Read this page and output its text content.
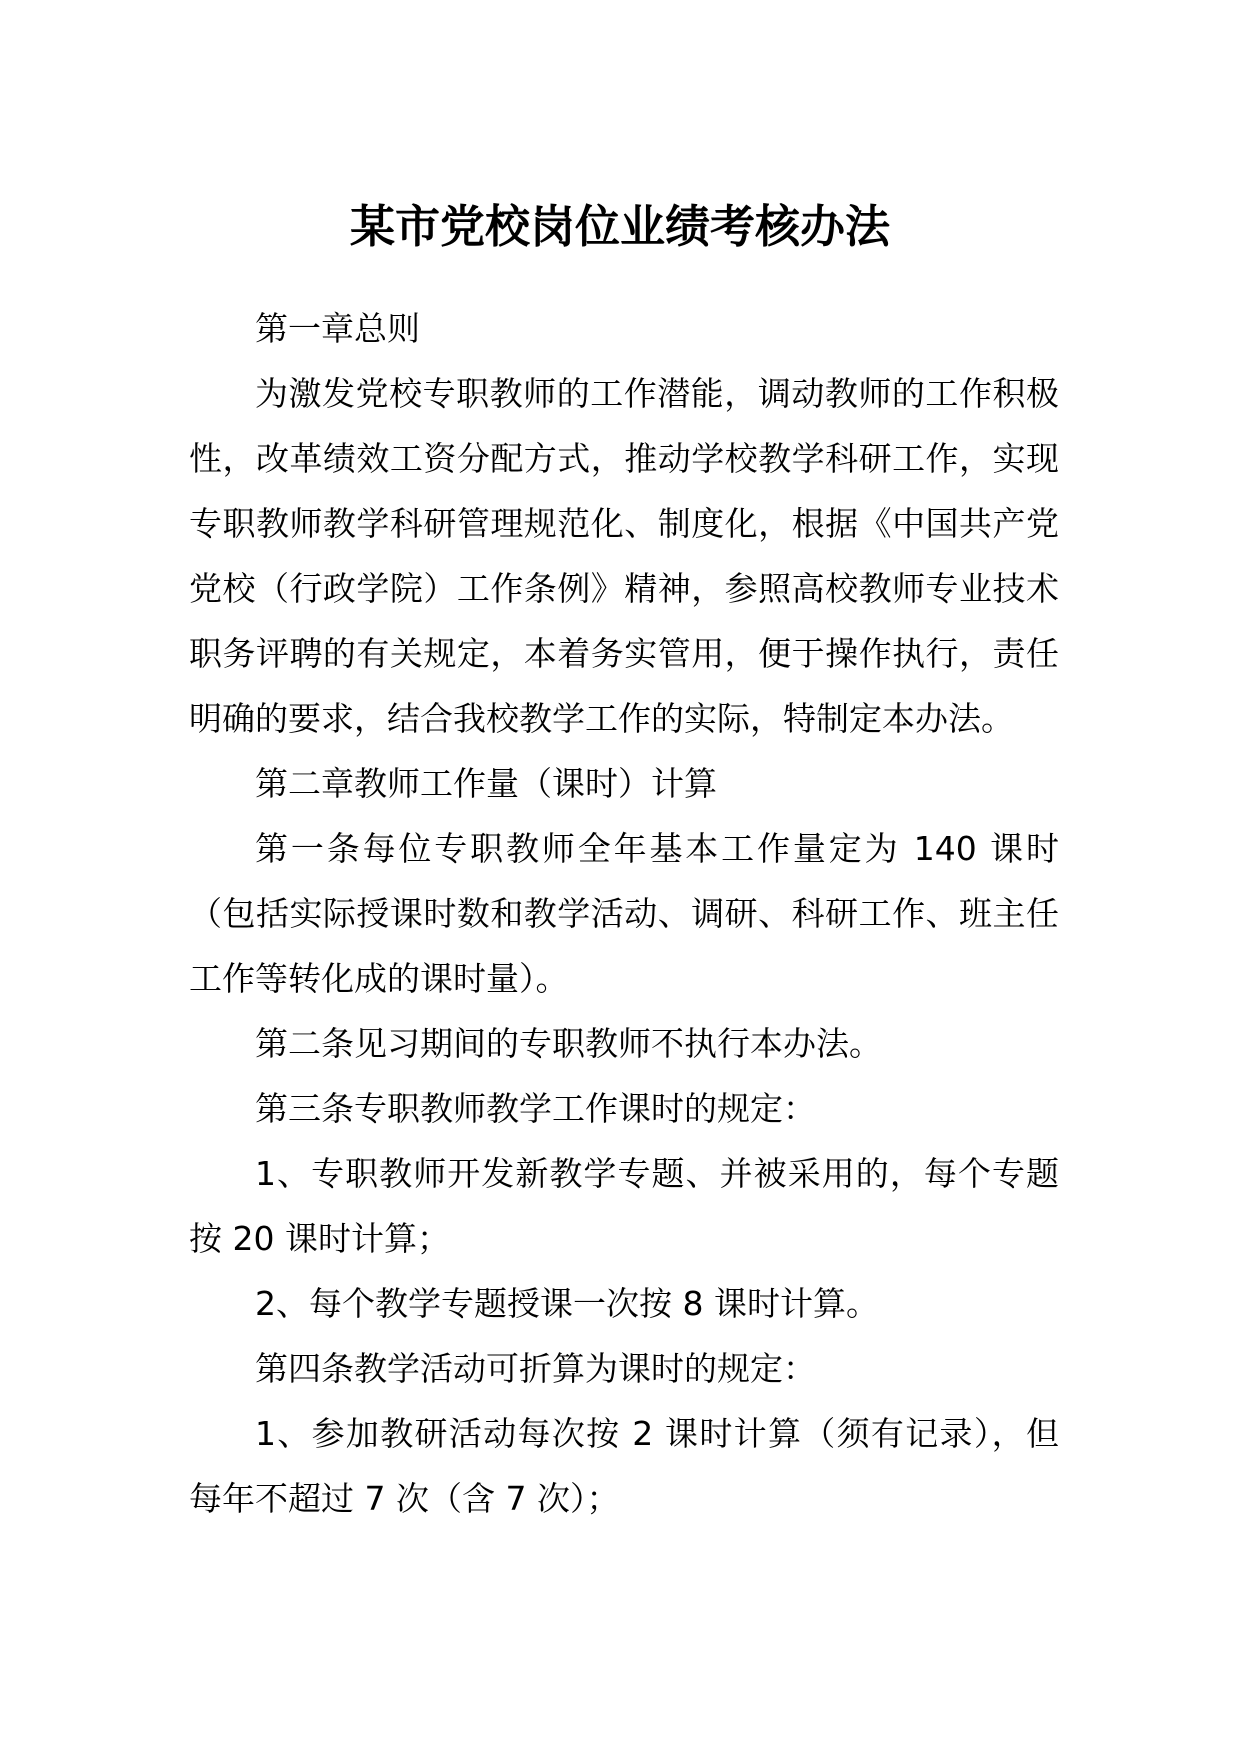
某市党校岗位业绩考核办法

第一章总则

为激发党校专职教师的工作潜能，调动教师的工作积极性，改革绩效工资分配方式，推动学校教学科研工作，实现专职教师教学科研管理规范化、制度化，根据《中国共产党党校（行政学院）工作条例》精神，参照高校教师专业技术职务评聘的有关规定，本着务实管用，便于操作执行，责任明确的要求，结合我校教学工作的实际，特制定本办法。

第二章教师工作量（课时）计算

第一条每位专职教师全年基本工作量定为 140 课时（包括实际授课时数和教学活动、调研、科研工作、班主任工作等转化成的课时量）。

第二条见习期间的专职教师不执行本办法。

第三条专职教师教学工作课时的规定：

1、专职教师开发新教学专题、并被采用的，每个专题按 20 课时计算；

2、每个教学专题授课一次按 8 课时计算。

第四条教学活动可折算为课时的规定：

1、参加教研活动每次按 2 课时计算（须有记录），但每年不超过 7 次（含 7 次）；
